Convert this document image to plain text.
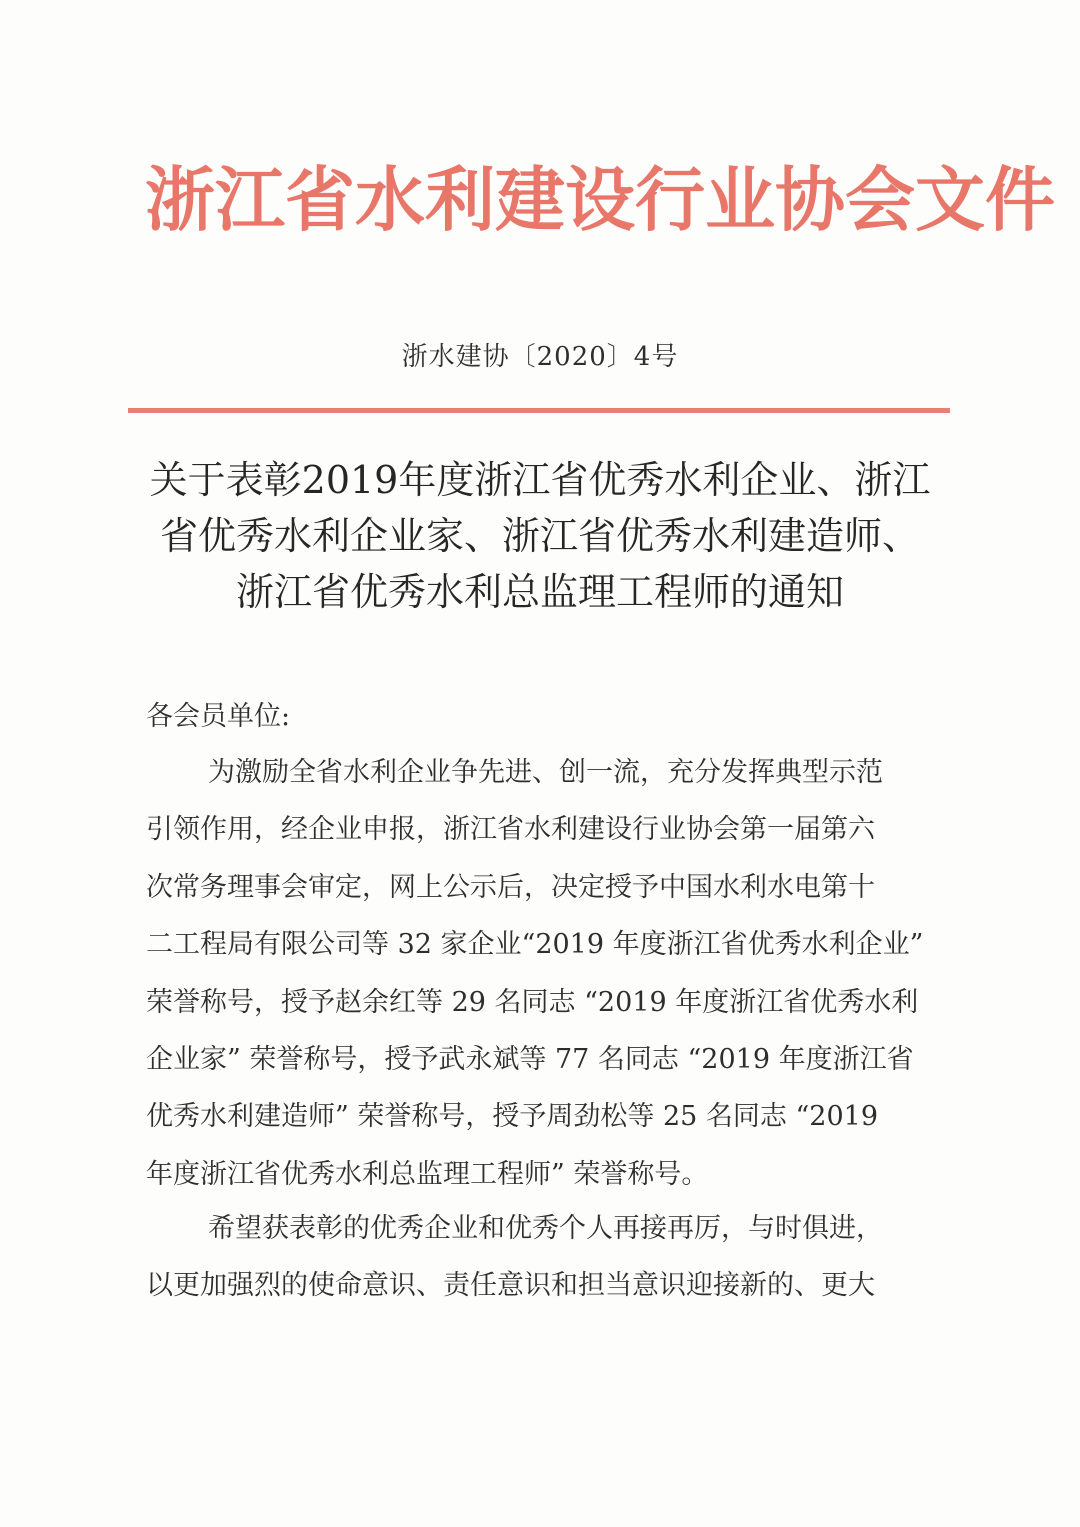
浙江省水利建设行业协会文件
浙水建协〔2020〕4号
关于表彰2019年度浙江省优秀水利企业、浙江
省优秀水利企业家、浙江省优秀水利建造师、
浙江省优秀水利总监理工程师的通知
各会员单位:
为激励全省水利企业争先进、创一流，充分发挥典型示范
引领作用，经企业申报，浙江省水利建设行业协会第一届第六
次常务理事会审定，网上公示后，决定授予中国水利水电第十
二工程局有限公司等 32 家企业“2019 年度浙江省优秀水利企业”
荣誉称号，授予赵余红等 29 名同志 “2019 年度浙江省优秀水利
企业家” 荣誉称号，授予武永斌等 77 名同志 “2019 年度浙江省
优秀水利建造师” 荣誉称号，授予周劲松等 25 名同志 “2019
年度浙江省优秀水利总监理工程师” 荣誉称号。
希望获表彰的优秀企业和优秀个人再接再厉，与时俱进，
以更加强烈的使命意识、责任意识和担当意识迎接新的、更大
